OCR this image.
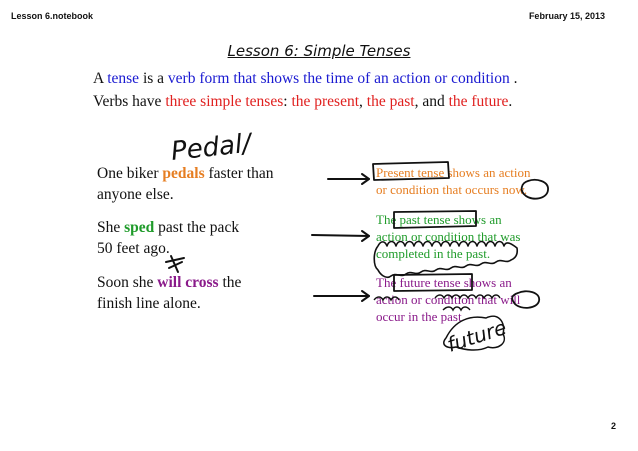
Lesson 6.notebook	February 15, 2013
Lesson 6: Simple Tenses
A tense is a verb form that shows the time of an action or condition .
Verbs have three simple tenses: the present, the past, and the future.
One biker pedals faster than
anyone else.
She sped past the pack
50 feet ago.
Soon she will cross the
finish line alone.
Present tense shows an action
or condition that occurs now.
The past tense shows an
action or condition that was
completed in the past.
The future tense shows an
action or condition that will
occur in the past.
Pedal/
future
2
